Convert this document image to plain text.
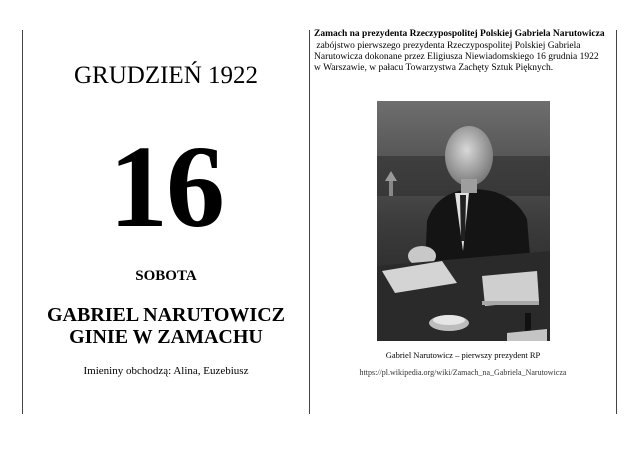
GRUDZIEŃ 1922
16
SOBOTA
GABRIEL NARUTOWICZ
GINIE W ZAMACHU
Imieniny obchodzą: Alina, Euzebiusz
Zamach na prezydenta Rzeczypospolitej Polskiej Gabriela Narutowicza
zabójstwo pierwszego prezydenta Rzeczypospolitej Polskiej Gabriela
Narutowicza dokonane przez Eligiusza Niewiadomskiego 16 grudnia 1922
w Warszawie, w pałacu Towarzystwa Zachęty Sztuk Pięknych.
Gabriel Narutowicz – pierwszy prezydent RP
https://pl.wikipedia.org/wiki/Zamach_na_Gabriela_Narutowicza
